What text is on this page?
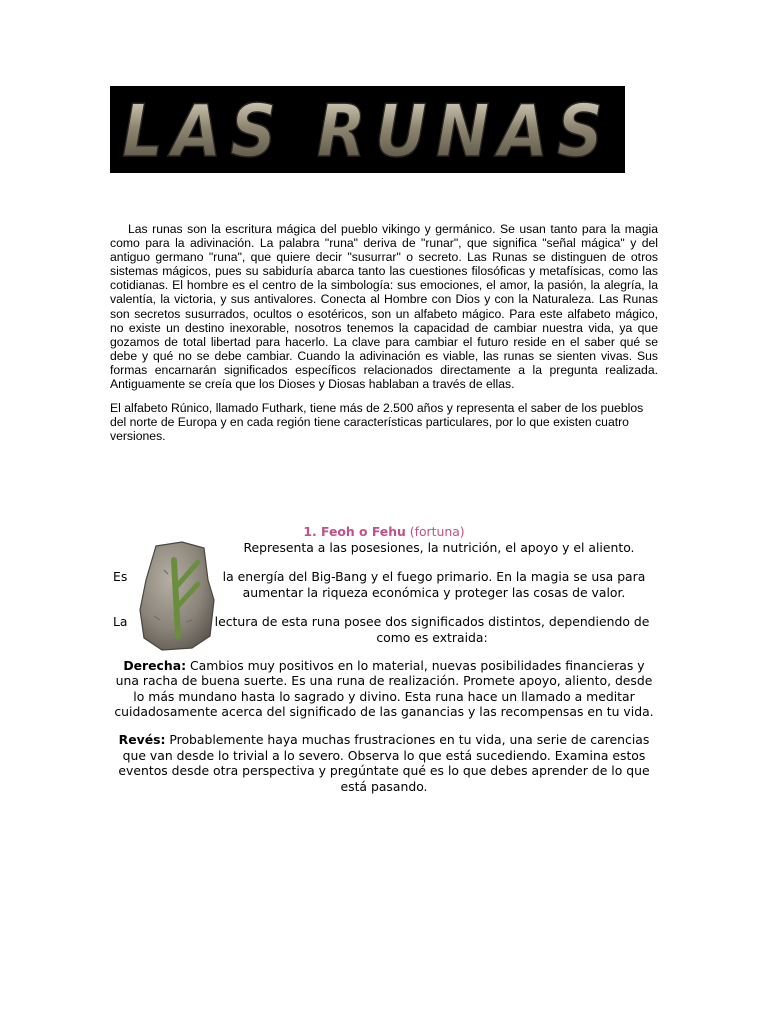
LAS RUNAS

Las runas son la escritura mágica del pueblo vikingo y germánico. Se usan tanto para la magia como para la adivinación. La palabra "runa" deriva de "runar", que significa "señal mágica" y del antiguo germano "runa", que quiere decir "susurrar" o secreto. Las Runas se distinguen de otros sistemas mágicos, pues su sabiduría abarca tanto las cuestiones filosóficas y metafísicas, como las cotidianas. El hombre es el centro de la simbología: sus emociones, el amor, la pasión, la alegría, la valentía, la victoria, y sus antivalores. Conecta al Hombre con Dios y con la Naturaleza. Las Runas son secretos susurrados, ocultos o esotéricos, son un alfabeto mágico. Para este alfabeto mágico, no existe un destino inexorable, nosotros tenemos la capacidad de cambiar nuestra vida, ya que gozamos de total libertad para hacerlo. La clave para cambiar el futuro reside en el saber qué se debe y qué no se debe cambiar. Cuando la adivinación es viable, las runas se sienten vivas. Sus formas encarnarán significados específicos relacionados directamente a la pregunta realizada. Antiguamente se creía que los Dioses y Diosas hablaban a través de ellas.

El alfabeto Rúnico, llamado Futhark, tiene más de 2.500 años y representa el saber de los pueblos del norte de Europa y en cada región tiene características particulares, por lo que existen cuatro versiones.

1. Feoh o Fehu (fortuna)
Representa a las posesiones, la nutrición, el apoyo y el aliento.
Es	la energía del Big-Bang y el fuego primario. En la magia se usa para aumentar la riqueza económica y proteger las cosas de valor.
La	lectura de esta runa posee dos significados distintos, dependiendo de como es extraida:
Derecha: Cambios muy positivos en lo material, nuevas posibilidades financieras y una racha de buena suerte. Es una runa de realización. Promete apoyo, aliento, desde lo más mundano hasta lo sagrado y divino. Esta runa hace un llamado a meditar cuidadosamente acerca del significado de las ganancias y las recompensas en tu vida.
Revés: Probablemente haya muchas frustraciones en tu vida, una serie de carencias que van desde lo trivial a lo severo. Observa lo que está sucediendo. Examina estos eventos desde otra perspectiva y pregúntate qué es lo que debes aprender de lo que está pasando.
